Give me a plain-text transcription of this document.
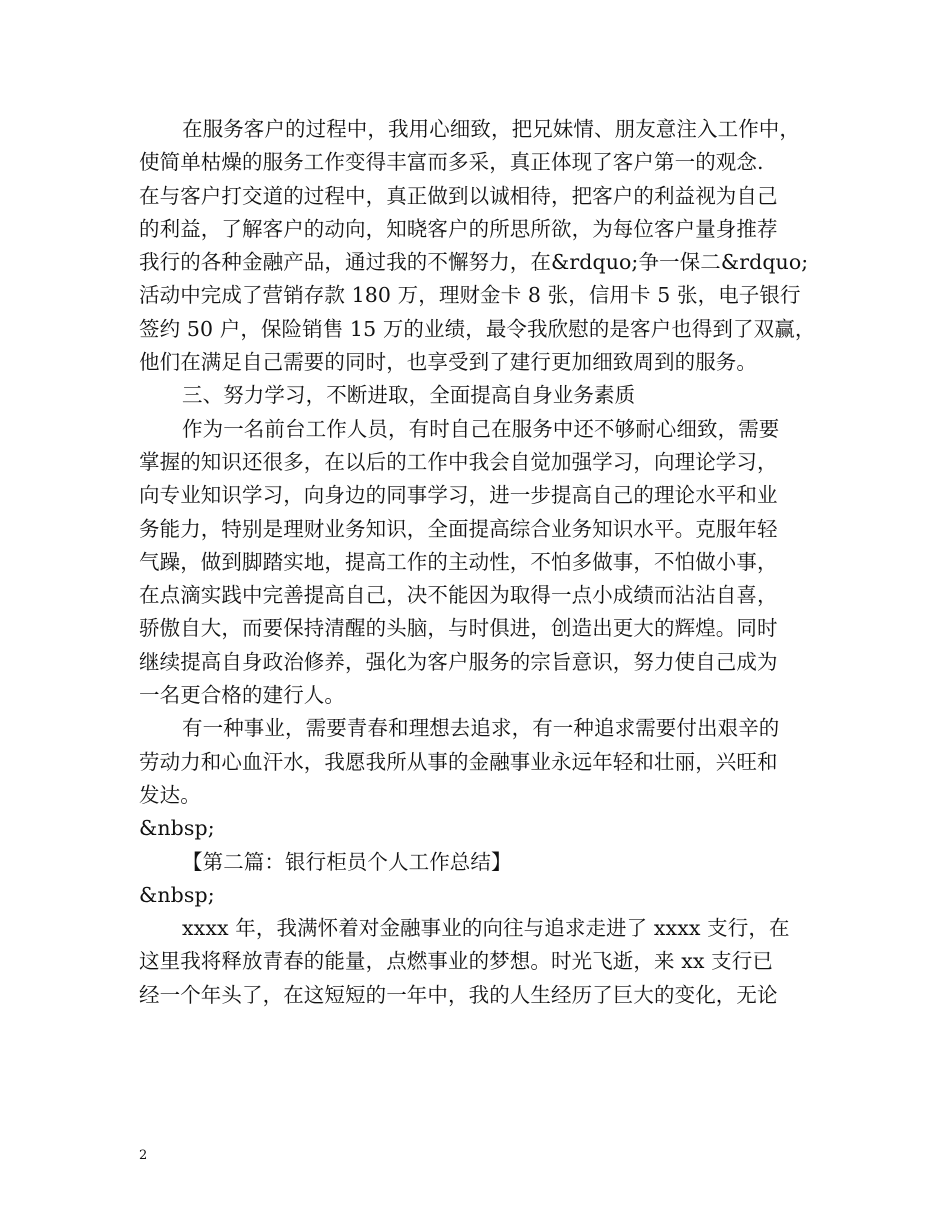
在服务客户的过程中，我用心细致，把兄妹情、朋友意注入工作中，
使简单枯燥的服务工作变得丰富而多采，真正体现了客户第一的观念.
在与客户打交道的过程中，真正做到以诚相待，把客户的利益视为自己
的利益，了解客户的动向，知晓客户的所思所欲，为每位客户量身推荐
我行的各种金融产品，通过我的不懈努力，在&rdquo;争一保二&rdquo;
活动中完成了营销存款 180 万，理财金卡 8 张，信用卡 5 张，电子银行
签约 50 户，保险销售 15 万的业绩，最令我欣慰的是客户也得到了双赢，
他们在满足自己需要的同时，也享受到了建行更加细致周到的服务。
三、努力学习，不断进取，全面提高自身业务素质
作为一名前台工作人员，有时自己在服务中还不够耐心细致，需要
掌握的知识还很多，在以后的工作中我会自觉加强学习，向理论学习，
向专业知识学习，向身边的同事学习，进一步提高自己的理论水平和业
务能力，特别是理财业务知识，全面提高综合业务知识水平。克服年轻
气躁，做到脚踏实地，提高工作的主动性，不怕多做事，不怕做小事，
在点滴实践中完善提高自己，决不能因为取得一点小成绩而沾沾自喜，
骄傲自大，而要保持清醒的头脑，与时俱进，创造出更大的辉煌。同时
继续提高自身政治修养，强化为客户服务的宗旨意识，努力使自己成为
一名更合格的建行人。
有一种事业，需要青春和理想去追求，有一种追求需要付出艰辛的
劳动力和心血汗水，我愿我所从事的金融事业永远年轻和壮丽，兴旺和
发达。
&nbsp;
【第二篇：银行柜员个人工作总结】
&nbsp;
xxxx 年，我满怀着对金融事业的向往与追求走进了 xxxx 支行，在
这里我将释放青春的能量，点燃事业的梦想。时光飞逝，来 xx 支行已
经一个年头了，在这短短的一年中，我的人生经历了巨大的变化，无论
2
